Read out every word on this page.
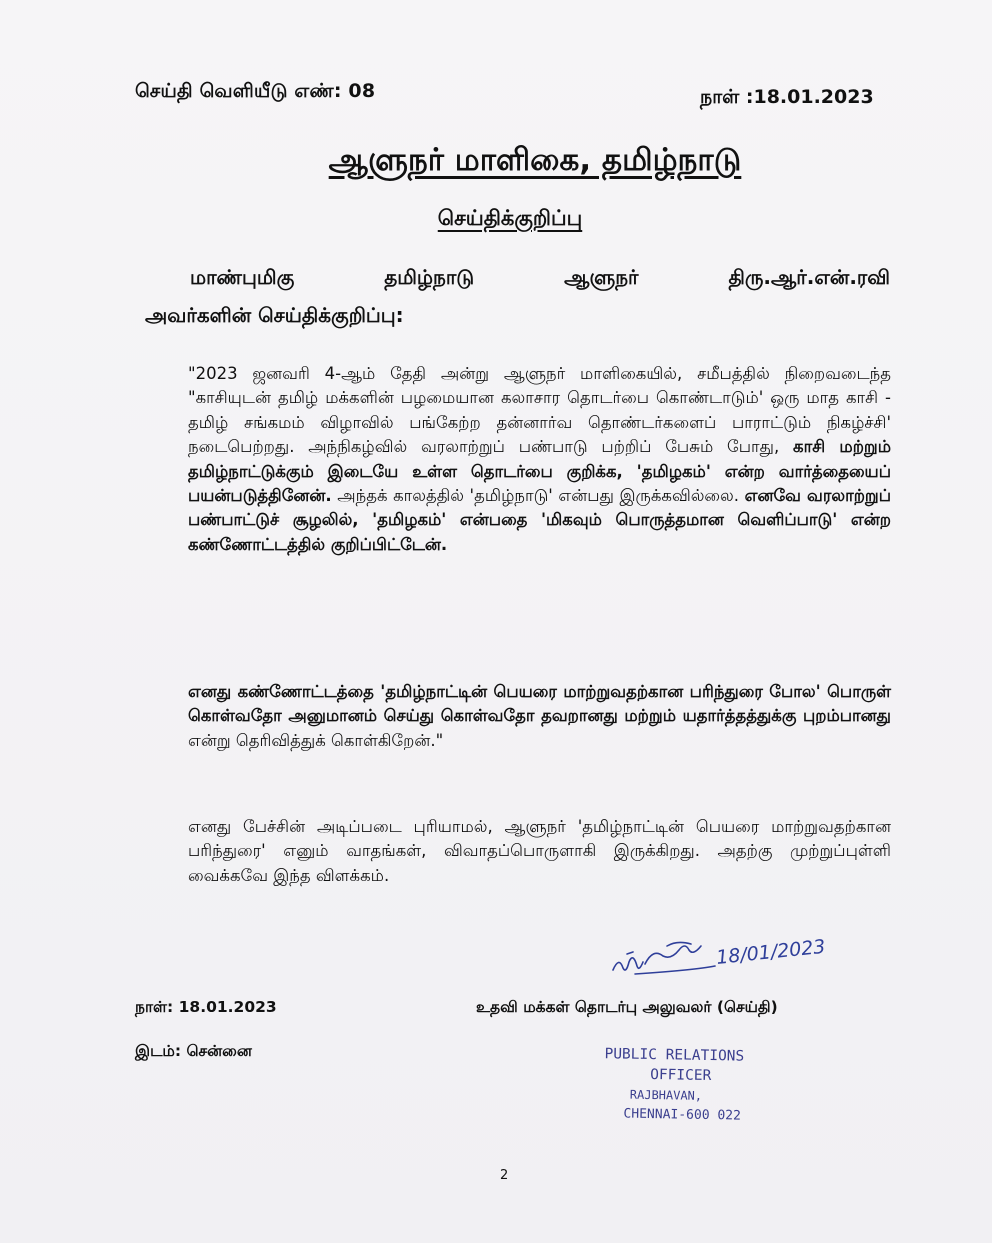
செய்தி வெளியீடு எண்: 08	நாள் :18.01.2023

ஆளுநர் மாளிகை, தமிழ்நாடு
செய்திக்குறிப்பு
மாண்புமிகு தமிழ்நாடு ஆளுநர் திரு.ஆர்.என்.ரவி
அவர்களின் செய்திக்குறிப்பு:
"2023 ஜனவரி 4-ஆம் தேதி அன்று ஆளுநர் மாளிகையில், சமீபத்தில் நிறைவடைந்த "காசியுடன் தமிழ் மக்களின் பழமையான கலாசார தொடர்பை கொண்டாடும்' ஒரு மாத காசி - தமிழ் சங்கமம் விழாவில் பங்கேற்ற தன்னார்வ தொண்டர்களைப் பாராட்டும் நிகழ்ச்சி' நடைபெற்றது. அந்நிகழ்வில் வரலாற்றுப் பண்பாடு பற்றிப் பேசும் போது, காசி மற்றும் தமிழ்நாட்டுக்கும் இடையே உள்ள தொடர்பை குறிக்க, 'தமிழகம்' என்ற வார்த்தையைப் பயன்படுத்தினேன். அந்தக் காலத்தில் 'தமிழ்நாடு' என்பது இருக்கவில்லை. எனவே வரலாற்றுப் பண்பாட்டுச் சூழலில், 'தமிழகம்' என்பதை 'மிகவும் பொருத்தமான வெளிப்பாடு' என்ற கண்ணோட்டத்தில் குறிப்பிட்டேன்.
எனது கண்ணோட்டத்தை 'தமிழ்நாட்டின் பெயரை மாற்றுவதற்கான பரிந்துரை போல' பொருள் கொள்வதோ அனுமானம் செய்து கொள்வதோ தவறானது மற்றும் யதார்த்தத்துக்கு புறம்பானது என்று தெரிவித்துக் கொள்கிறேன்."
எனது பேச்சின் அடிப்படை புரியாமல், ஆளுநர் 'தமிழ்நாட்டின் பெயரை மாற்றுவதற்கான பரிந்துரை' எனும் வாதங்கள், விவாதப்பொருளாகி இருக்கிறது. அதற்கு முற்றுப்புள்ளி வைக்கவே இந்த விளக்கம்.
18/01/2023

நாள்: 18.01.2023

இடம்: சென்னை

உதவி மக்கள் தொடர்பு அலுவலர் (செய்தி)

PUBLIC RELATIONS
OFFICER
RAJBHAVAN,
CHENNAI-600 022

2
